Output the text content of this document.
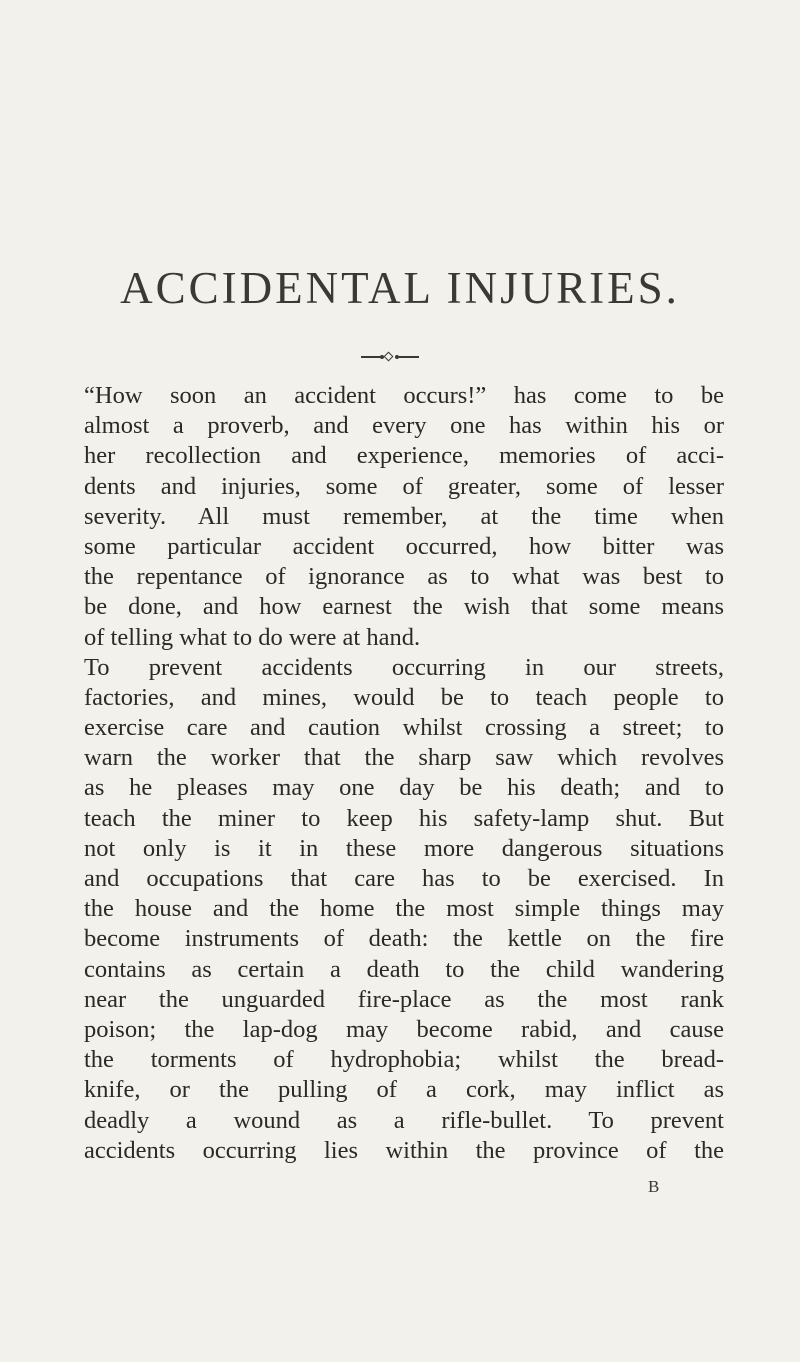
ACCIDENTAL INJURIES.
“How soon an accident occurs!” has come to be
almost a proverb, and every one has within his or
her recollection and experience, memories of acci-
dents and injuries, some of greater, some of lesser
severity. All must remember, at the time when
some particular accident occurred, how bitter was
the repentance of ignorance as to what was best to
be done, and how earnest the wish that some means
of telling what to do were at hand.
To prevent accidents occurring in our streets,
factories, and mines, would be to teach people to
exercise care and caution whilst crossing a street; to
warn the worker that the sharp saw which revolves
as he pleases may one day be his death; and to
teach the miner to keep his safety-lamp shut. But
not only is it in these more dangerous situations
and occupations that care has to be exercised. In
the house and the home the most simple things may
become instruments of death: the kettle on the fire
contains as certain a death to the child wandering
near the unguarded fire-place as the most rank
poison; the lap-dog may become rabid, and cause
the torments of hydrophobia; whilst the bread-
knife, or the pulling of a cork, may inflict as
deadly a wound as a rifle-bullet. To prevent
accidents occurring lies within the province of the
B
